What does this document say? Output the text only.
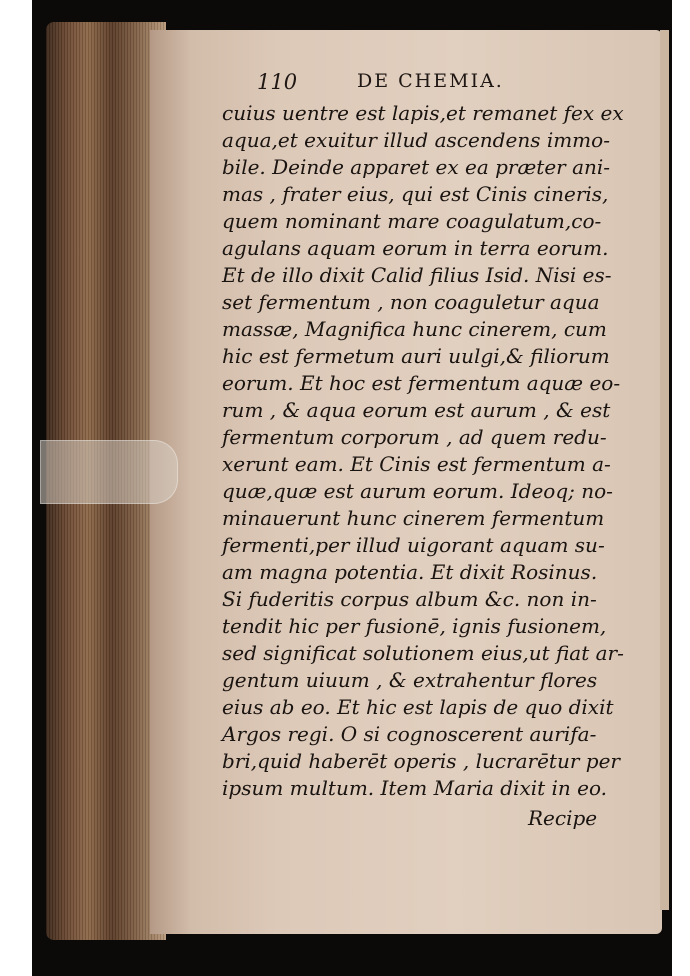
110	DE CHEMIA.
cuius uentre est lapis,et remanet fex ex
aqua,et exuitur illud ascendens immo-
bile. Deinde apparet ex ea præter ani-
mas , frater eius, qui est Cinis cineris,
quem nominant mare coagulatum,co-
agulans aquam eorum in terra eorum.
Et de illo dixit Calid filius Isid. Nisi es-
set fermentum , non coaguletur aqua
massæ, Magnifica hunc cinerem, cum
hic est fermetum auri uulgi,& filiorum
eorum. Et hoc est fermentum aquæ eo-
rum , & aqua eorum est aurum , & est
fermentum corporum , ad quem redu-
xerunt eam. Et Cinis est fermentum a-
quæ,quæ est aurum eorum. Ideoq; no-
minauerunt hunc cinerem fermentum
fermenti,per illud uigorant aquam su-
am magna potentia. Et dixit Rosinus.
Si fuderitis corpus album &c. non in-
tendit hic per fusionē, ignis fusionem,
sed significat solutionem eius,ut fiat ar-
gentum uiuum , & extrahentur flores
eius ab eo. Et hic est lapis de quo dixit
Argos regi. O si cognoscerent aurifa-
bri,quid haberēt operis , lucrarētur per
ipsum multum. Item Maria dixit in eo.
Recipe
